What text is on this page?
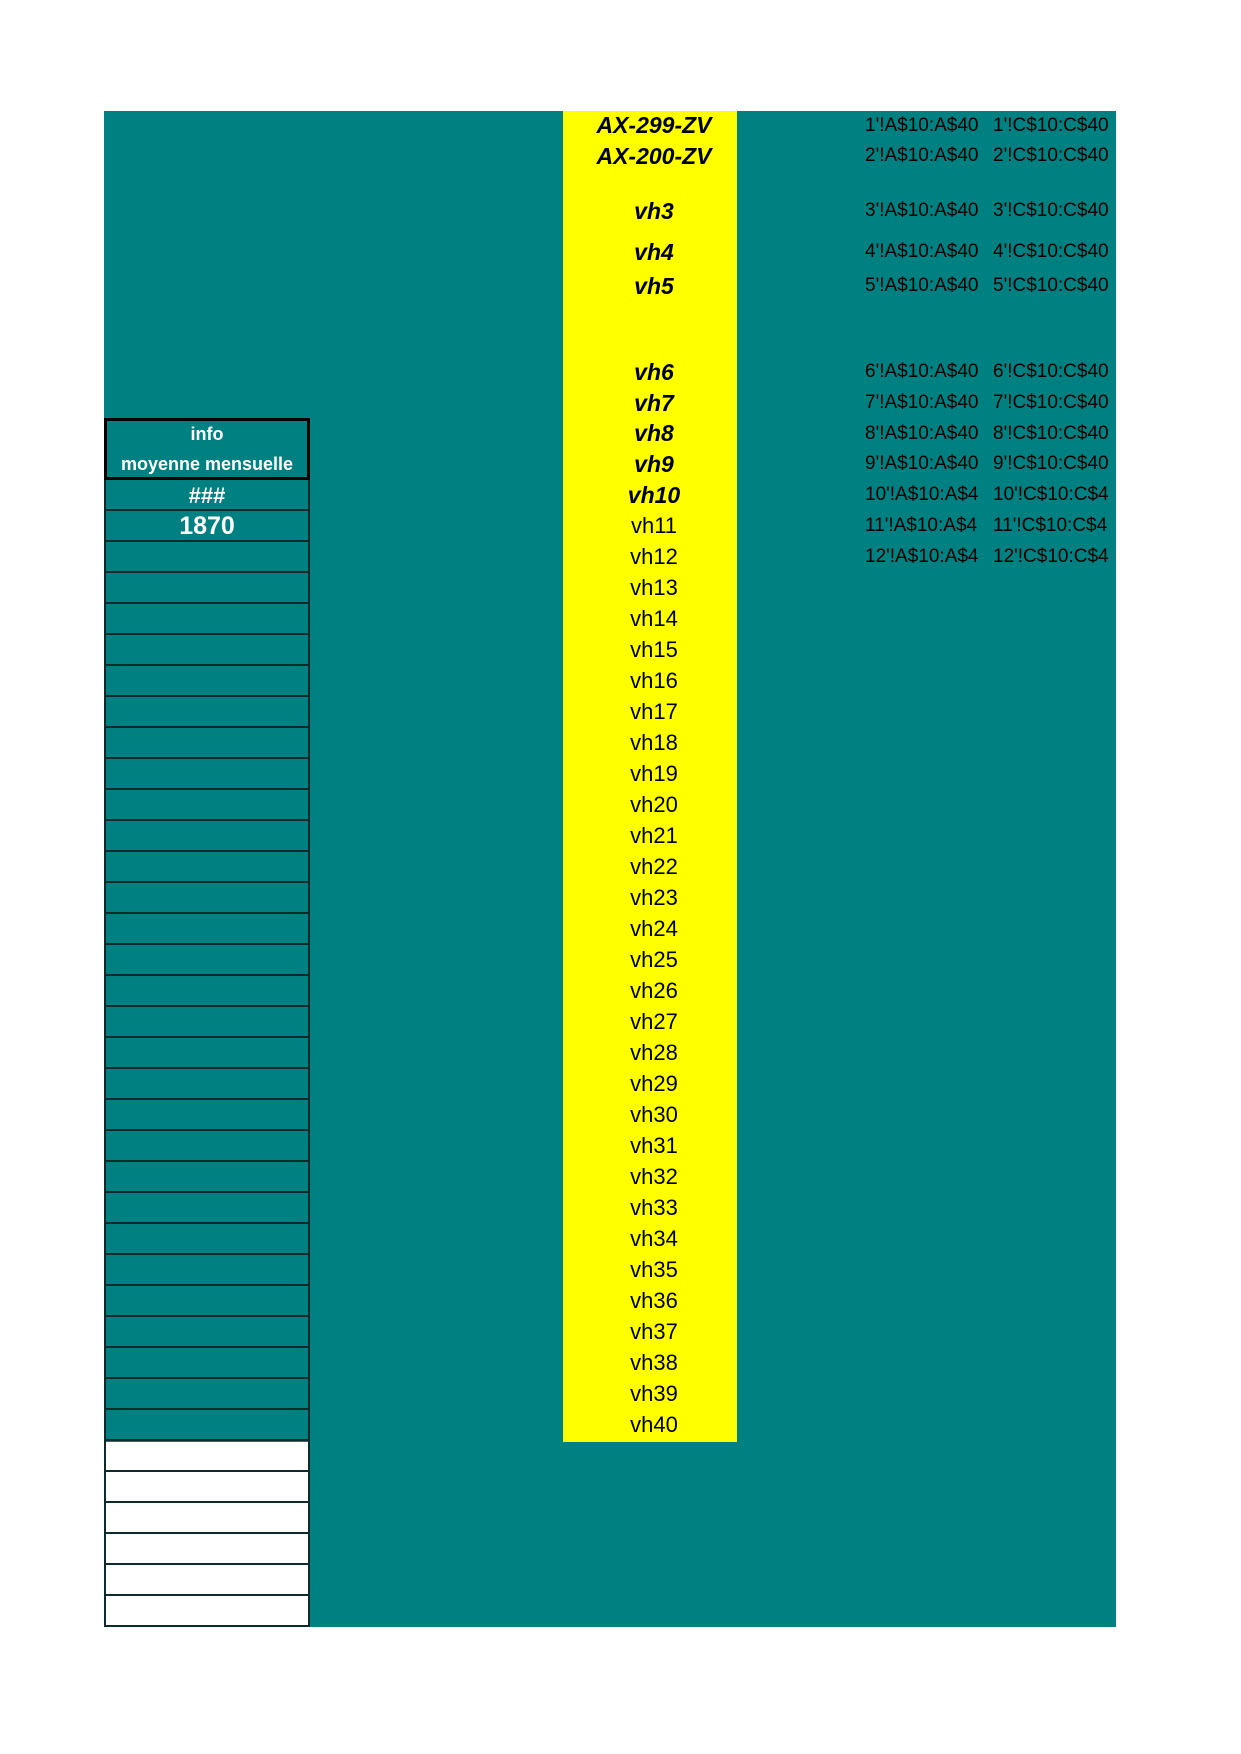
info
moyenne mensuelle
###
1870
AX-299-ZV
AX-200-ZV
vh3
vh4
vh5
vh6
vh7
vh8
vh9
vh10
vh11
vh12
vh13
vh14
vh15
vh16
vh17
vh18
vh19
vh20
vh21
vh22
vh23
vh24
vh25
vh26
vh27
vh28
vh29
vh30
vh31
vh32
vh33
vh34
vh35
vh36
vh37
vh38
vh39
vh40
1'!A$10:A$40 1'!C$10:C$40
2'!A$10:A$40 2'!C$10:C$40
3'!A$10:A$40 3'!C$10:C$40
4'!A$10:A$40 4'!C$10:C$40
5'!A$10:A$40 5'!C$10:C$40
6'!A$10:A$40 6'!C$10:C$40
7'!A$10:A$40 7'!C$10:C$40
8'!A$10:A$40 8'!C$10:C$40
9'!A$10:A$40 9'!C$10:C$40
10'!A$10:A$4 10'!C$10:C$4
11'!A$10:A$4 11'!C$10:C$4
12'!A$10:A$4 12'!C$10:C$4
